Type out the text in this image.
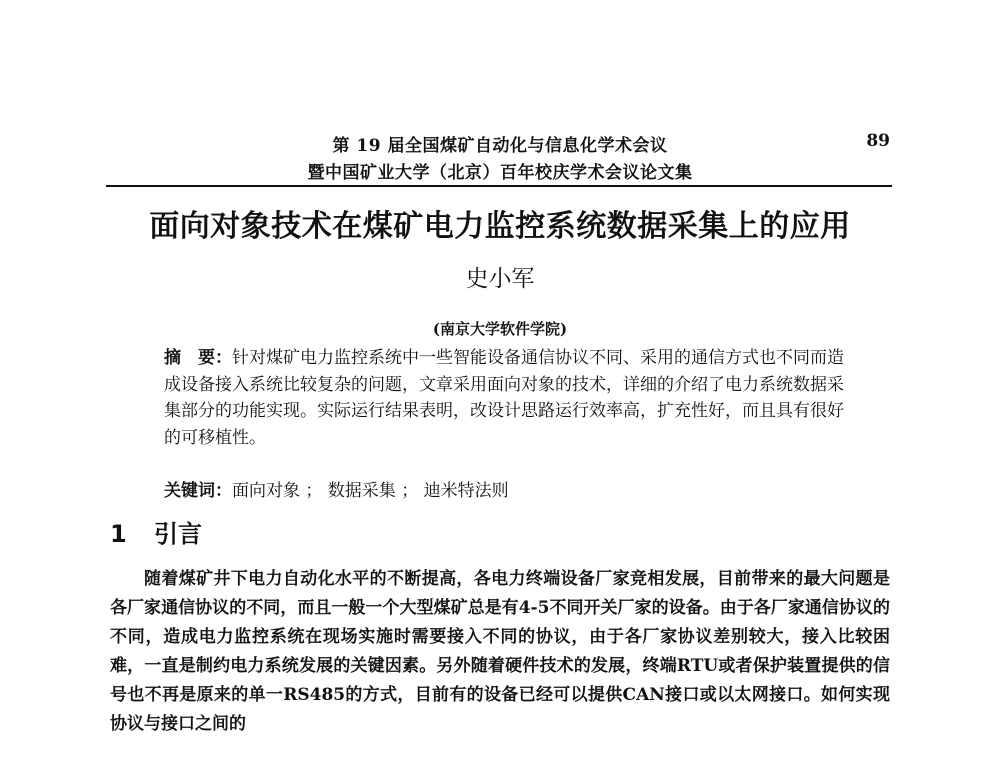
第 19 届全国煤矿自动化与信息化学术会议
暨中国矿业大学（北京）百年校庆学术会议论文集
89
面向对象技术在煤矿电力监控系统数据采集上的应用
史小军
(南京大学软件学院)
摘　要：针对煤矿电力监控系统中一些智能设备通信协议不同、采用的通信方式也不同而造成设备接入系统比较复杂的问题，文章采用面向对象的技术，详细的介绍了电力系统数据采集部分的功能实现。实际运行结果表明，改设计思路运行效率高，扩充性好，而且具有很好的可移植性。
关键词：面向对象 ； 数据采集 ； 迪米特法则
1 引言

随着煤矿井下电力自动化水平的不断提高，各电力终端设备厂家竞相发展，目前带来的最大问题是各厂家通信协议的不同，而且一般一个大型煤矿总是有4-5不同开关厂家的设备。由于各厂家通信协议的不同，造成电力监控系统在现场实施时需要接入不同的协议，由于各厂家协议差别较大，接入比较困难，一直是制约电力系统发展的关键因素。另外随着硬件技术的发展，终端RTU或者保护装置提供的信号也不再是原来的单一RS485的方式，目前有的设备已经可以提供CAN接口或以太网接口。如何实现协议与接口之间的
